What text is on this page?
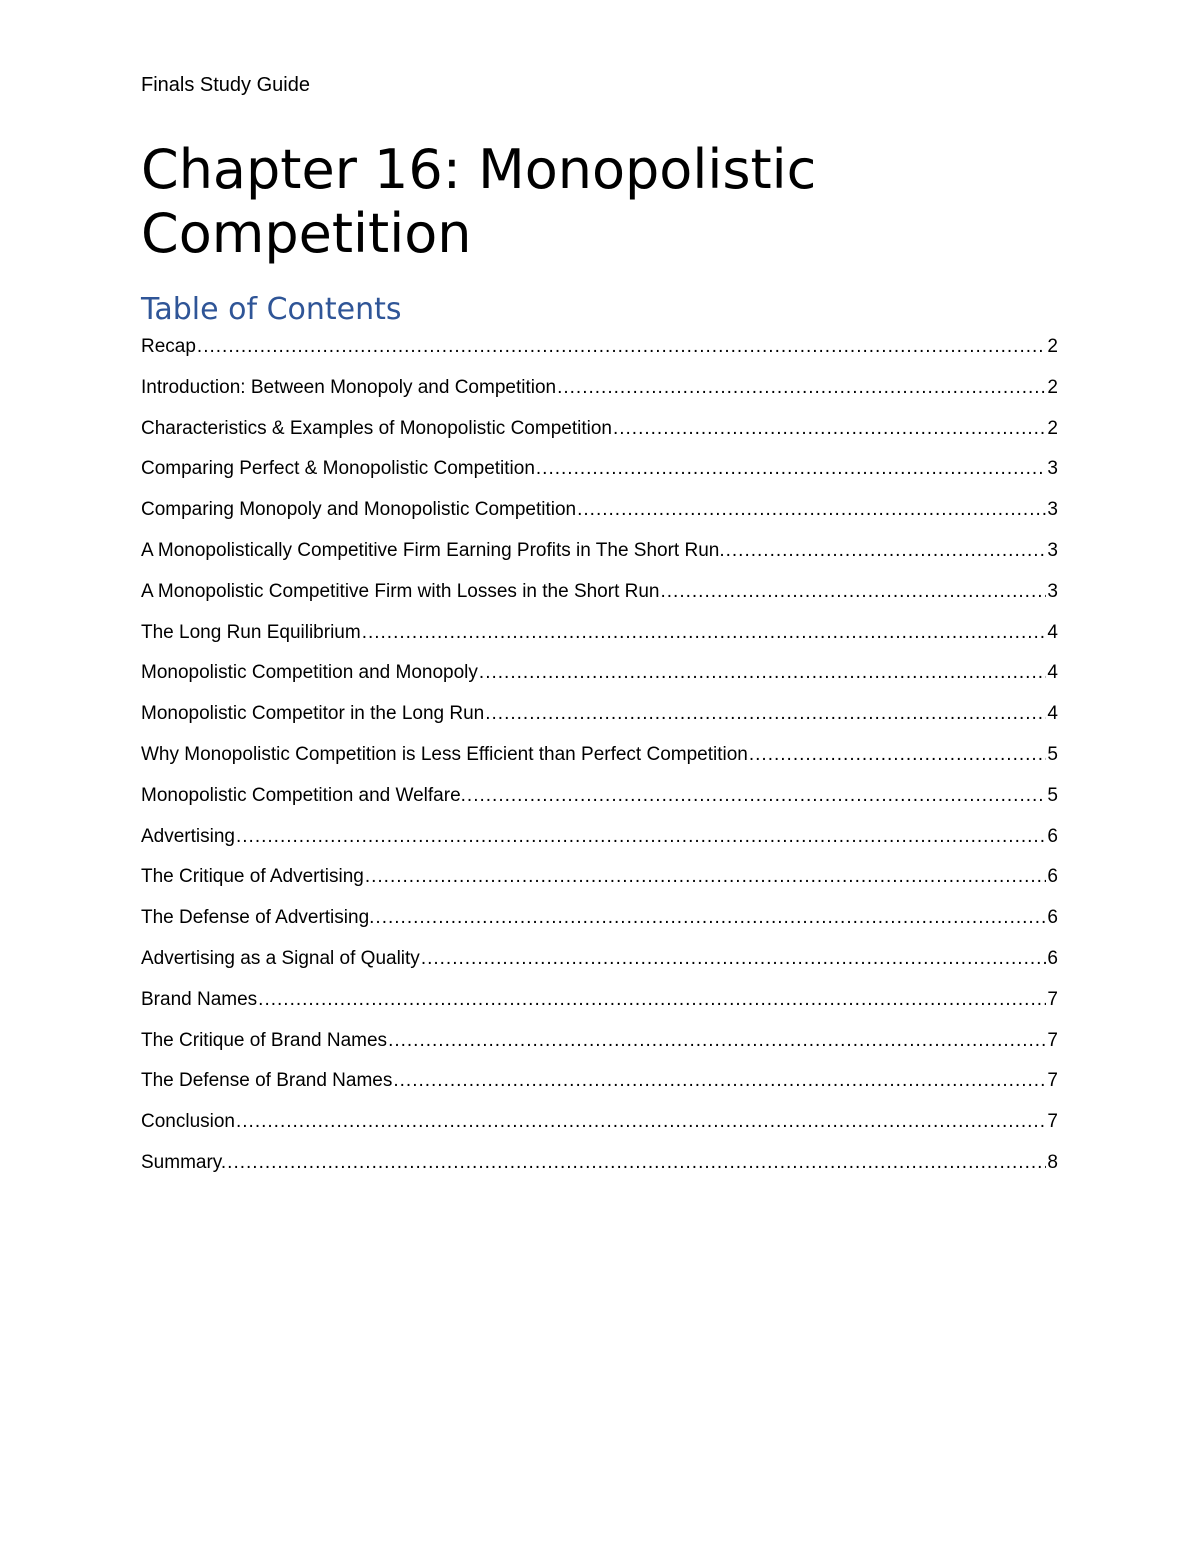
Finals Study Guide
Chapter 16: Monopolistic Competition
Table of Contents
Recap .....	2
Introduction: Between Monopoly and Competition .....	2
Characteristics & Examples of Monopolistic Competition .....	2
Comparing Perfect & Monopolistic Competition .....	3
Comparing Monopoly and Monopolistic Competition .....	3
A Monopolistically Competitive Firm Earning Profits in The Short Run. .....	3
A Monopolistic Competitive Firm with Losses in the Short Run .....	3
The Long Run Equilibrium .....	4
Monopolistic Competition and Monopoly .....	4
Monopolistic Competitor in the Long Run .....	4
Why Monopolistic Competition is Less Efficient than Perfect Competition .....	5
Monopolistic Competition and Welfare. .....	5
Advertising .....	6
The Critique of Advertising .....	6
The Defense of Advertising. .....	6
Advertising as a Signal of Quality .....	6
Brand Names .....	7
The Critique of Brand Names .....	7
The Defense of Brand Names .....	7
Conclusion .....	7
Summary. .....	8
